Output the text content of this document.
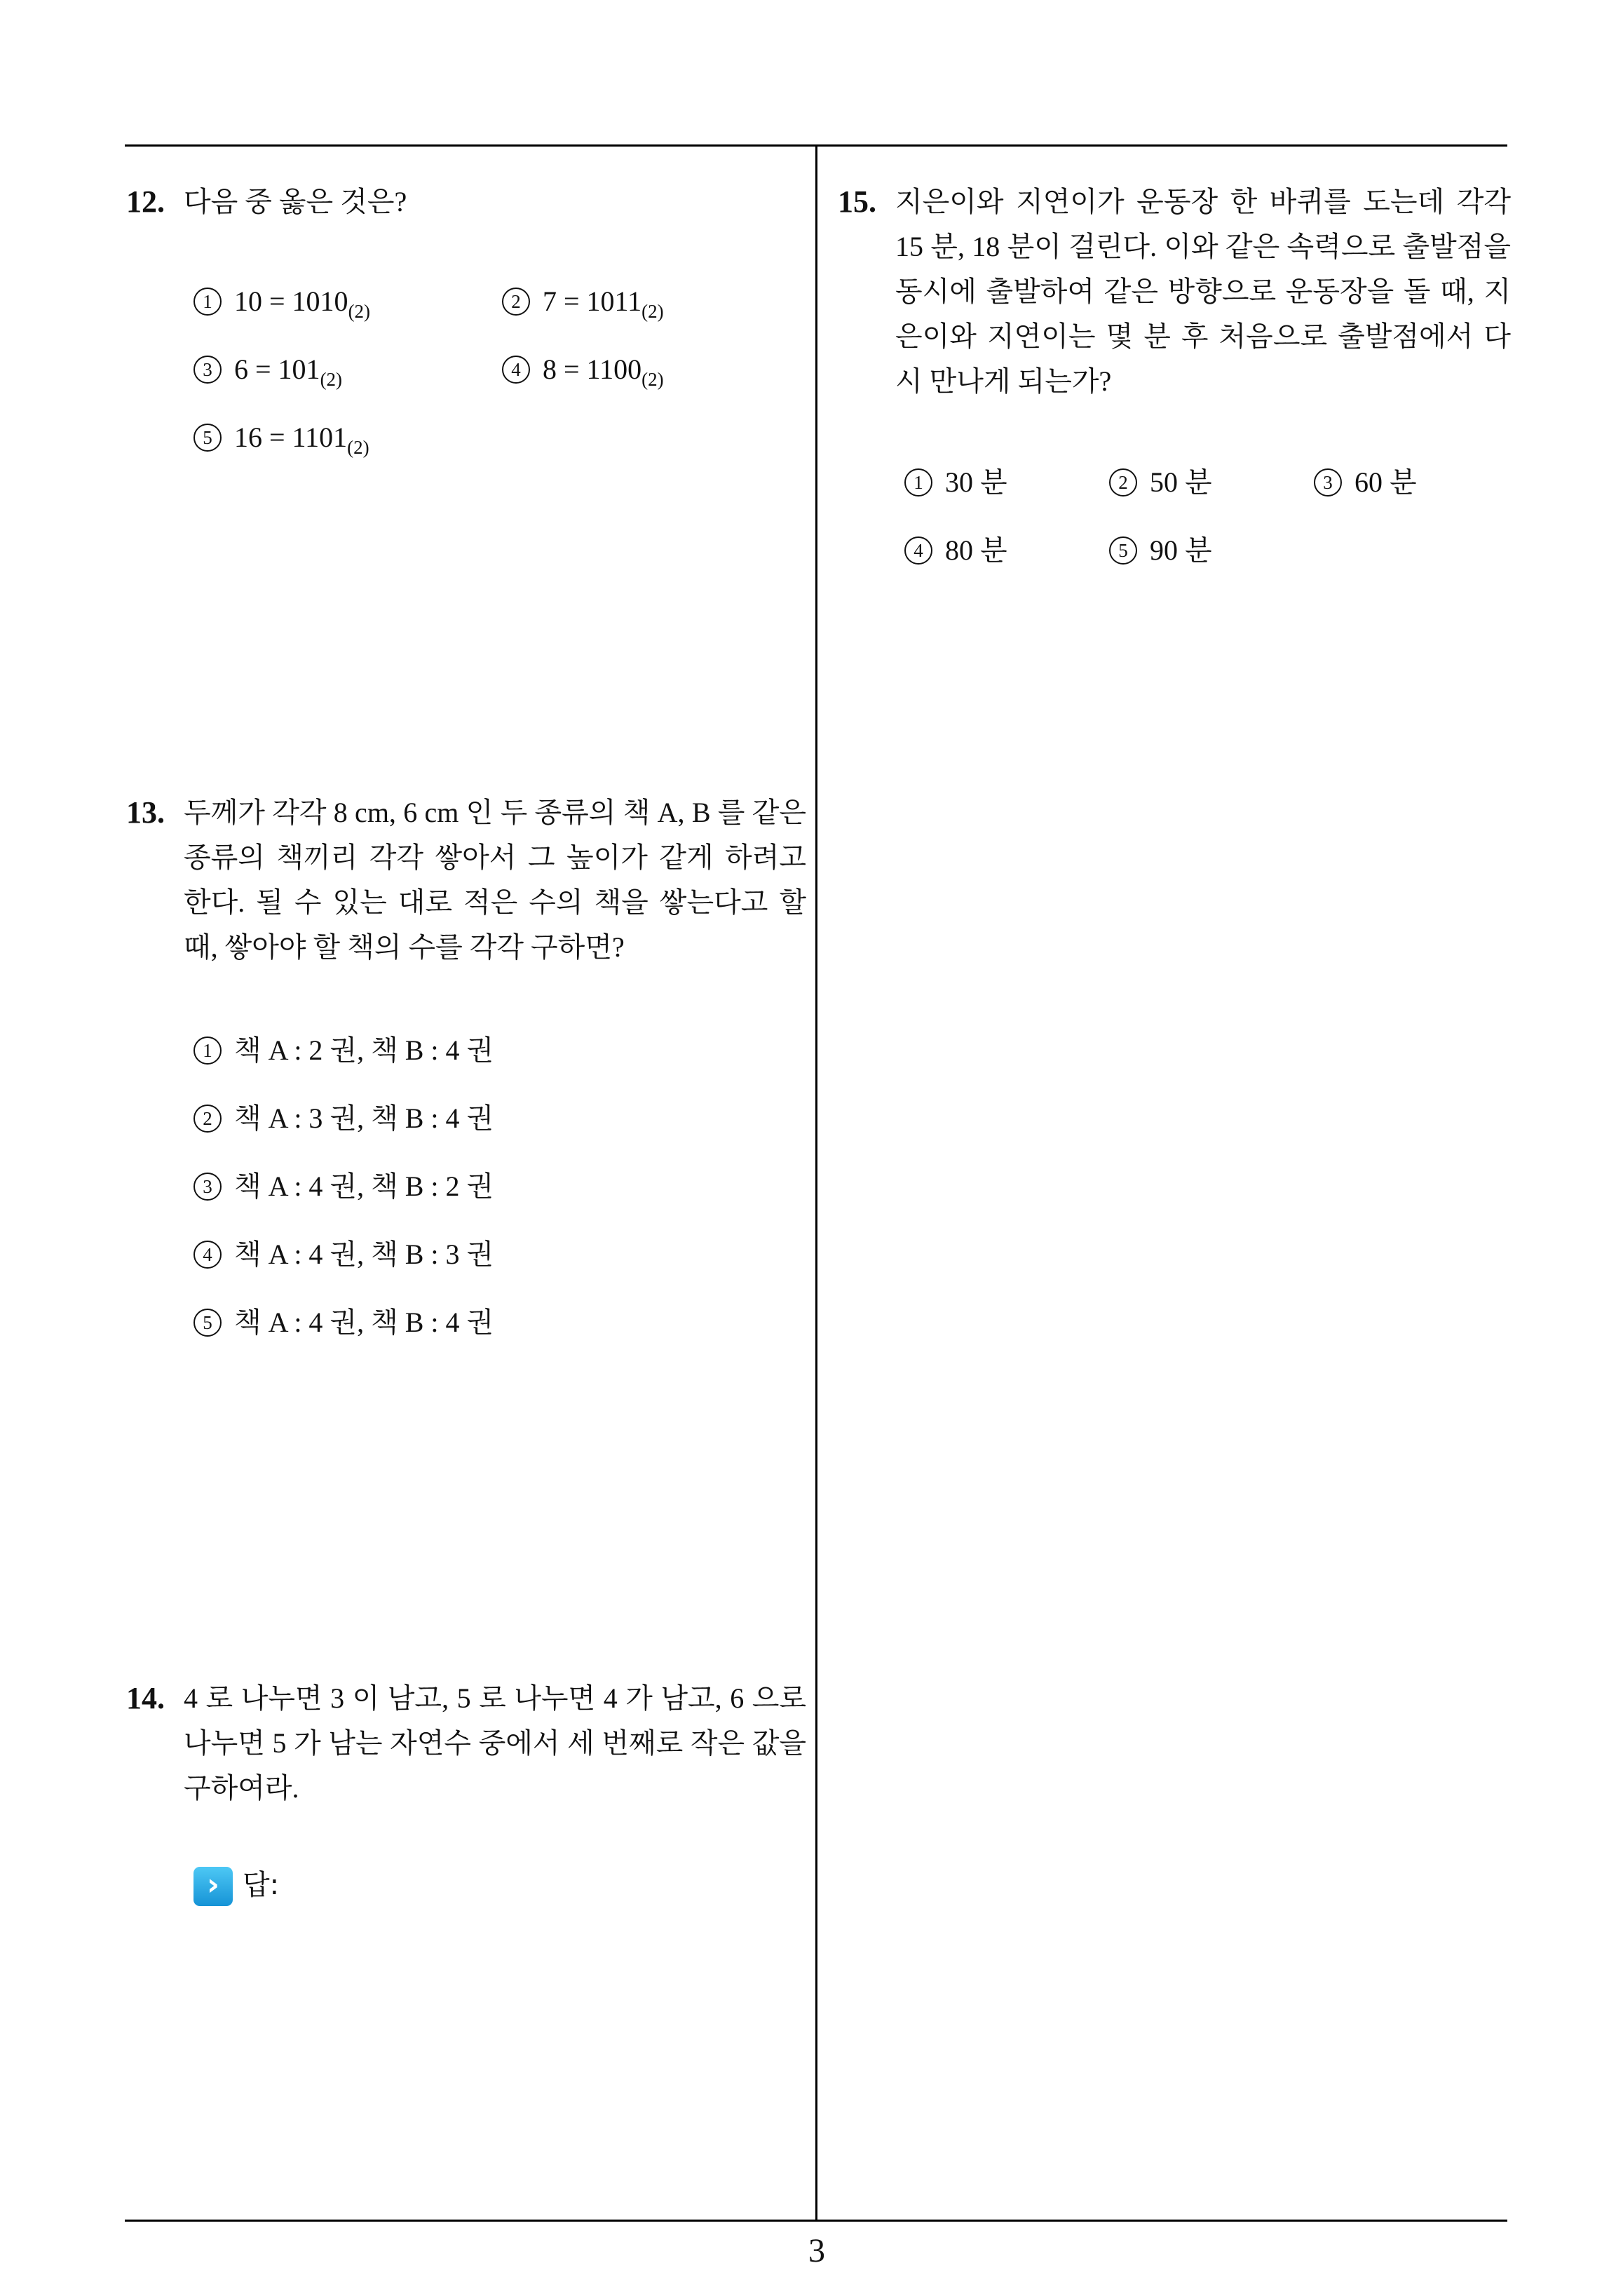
12. 다음 중 옳은 것은?
1 $10 = 1010_{(2)}$	2 $7 = 1011_{(2)}$
3 $6 = 101_{(2)}$	4 $8 = 1100_{(2)}$
5 $16 = 1101_{(2)}$
13. 두께가 각각 8 cm, 6 cm 인 두 종류의 책 A, B 를 같은 종류의 책끼리 각각 쌓아서 그 높이가 같게 하려고 한다. 될 수 있는 대로 적은 수의 책을 쌓는다고 할 때, 쌓아야 할 책의 수를 각각 구하면?
1 책 A : 2 권, 책 B : 4 권
2 책 A : 3 권, 책 B : 4 권
3 책 A : 4 권, 책 B : 2 권
4 책 A : 4 권, 책 B : 3 권
5 책 A : 4 권, 책 B : 4 권
14. 4 로 나누면 3 이 남고, 5 로 나누면 4 가 남고, 6 으로 나누면 5 가 남는 자연수 중에서 세 번째로 작은 값을 구하여라.
› 답:
15. 지은이와 지연이가 운동장 한 바퀴를 도는데 각각 15 분, 18 분이 걸린다. 이와 같은 속력으로 출발점을 동시에 출발하여 같은 방향으로 운동장을 돌 때, 지은이와 지연이는 몇 분 후 처음으로 출발점에서 다시 만나게 되는가?
1 30 분	2 50 분	3 60 분
4 80 분	5 90 분
3
